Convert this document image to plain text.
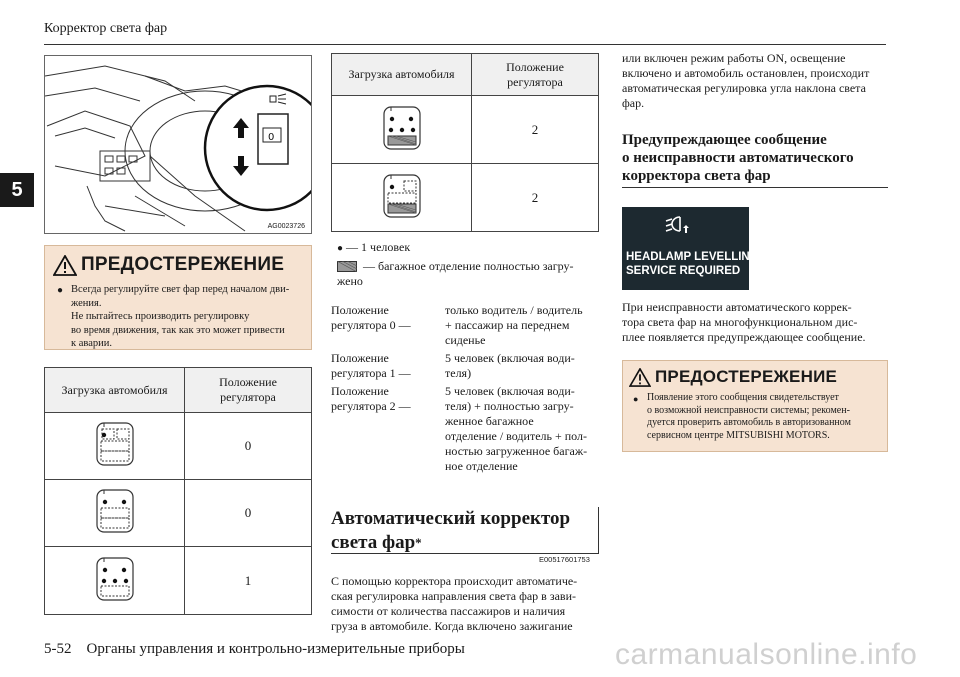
Корректор света фар
5
0
AG0023726
ПРЕДОСТЕРЕЖЕНИЕ
● Всегда регулируйте свет фар перед началом дви-
жения.
Не пытайтесь производить регулировку
во время движения, так как это может привести
к аварии.
Загрузка автомобиля	Положение
регулятора

	0
	0
	1
Загрузка автомобиля	Положение
регулятора

	2
	2
● — 1 человек
— багажное отделение полностью загру-
жено
Положение
регулятора 0 —
только водитель / водитель
+ пассажир на переднем
сиденье
Положение
регулятора 1 —
5 человек (включая води-
теля)
Положение
регулятора 2 —
5 человек (включая води-
теля) + полностью загру-
женное багажное
отделение / водитель + пол-
ностью загруженное багаж-
ное отделение
Автоматический корректор
света фар*
E00517601753
С помощью корректора происходит автоматиче-
ская регулировка направления света фар в зави-
симости от количества пассажиров и наличия
груза в автомобиле. Когда включено зажигание
или включен режим работы ON, освещение
включено и автомобиль остановлен, происходит
автоматическая регулировка угла наклона света
фар.
Предупреждающее сообщение
о неисправности автоматического
корректора света фар
HEADLAMP LEVELLING
SERVICE REQUIRED
При неисправности автоматического коррек-
тора света фар на многофункциональном дис-
плее появляется предупреждающее сообщение.
ПРЕДОСТЕРЕЖЕНИЕ
● Появление этого сообщения свидетельствует
о возможной неисправности системы; рекомен-
дуется проверить автомобиль в авторизованном
сервисном центре MITSUBISHI MOTORS.
5-52 Органы управления и контрольно-измерительные приборы	carmanualsonline.info
